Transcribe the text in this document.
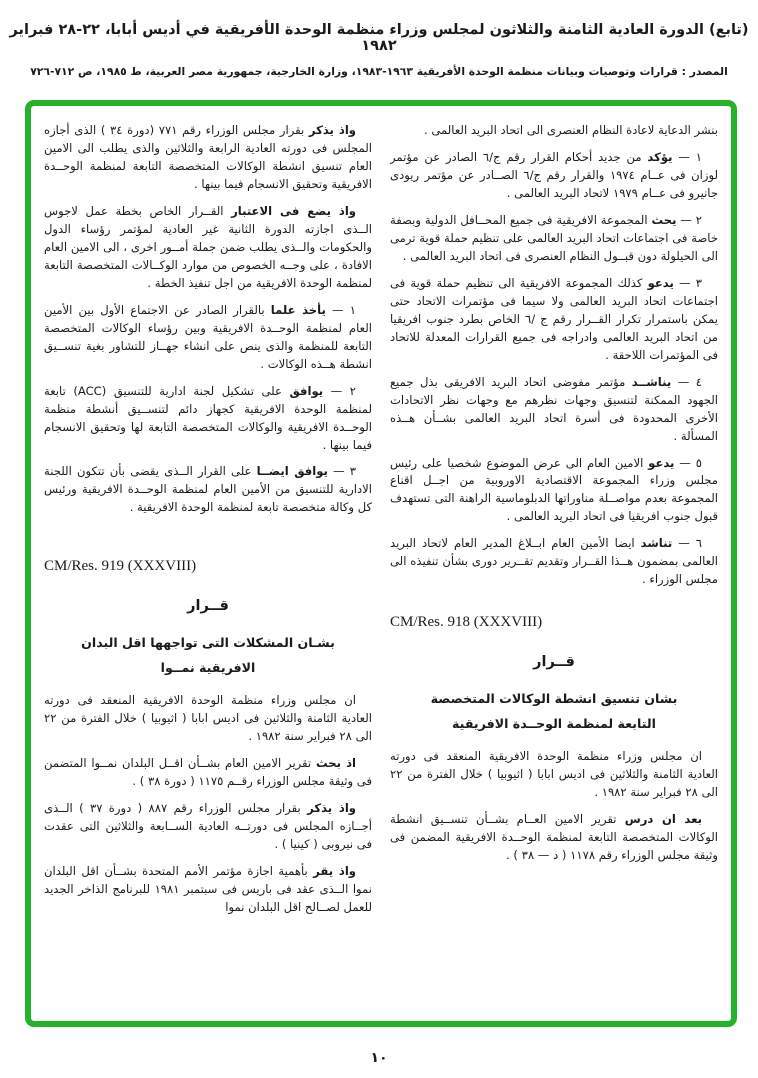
(تابع) الدورة العادية الثامنة والثلاثون لمجلس وزراء منظمة الوحدة الأفريقية في أديس أبابا، ٢٢-٢٨ فبراير ١٩٨٢
المصدر : قرارات وتوصيات وبيانات منظمة الوحدة الأفريقية ١٩٦٣-١٩٨٣، وزارة الخارجية، جمهورية مصر العربية، ط ١٩٨٥، ص ٧١٢-٧٢٦

بنشر الدعاية لاعادة النظام العنصرى الى اتحاد البريد العالمى .

١ — يؤكد من جديد أحكام القرار رقم ج/٦ الصادر عن مؤتمر لوزان فى عــام ١٩٧٤ والقرار رقم ج/٦ الصــادر عن مؤتمر ريودى جانيرو فى عــام ١٩٧٩ لاتحاد البريد العالمى .

٢ — يحث المجموعة الافريقية فى جميع المحــافل الدولية وبصفة خاصة فى اجتماعات اتحاد البريد العالمى على تنظيم حملة قوية ترمى الى الحيلولة دون قبــول النظام العنصرى فى اتحاد البريد العالمى .

٣ — يدعو كذلك المجموعة الافريقية الى تنظيم حملة قوية فى اجتماعات اتحاد البريد العالمى ولا سيما فى مؤتمرات الاتحاد حتى يمكن باستمرار تكرار القــرار رقم ج /٦ الخاص بطرد جنوب افريقيا من اتحاد البريد العالمى وادراجه فى جميع القرارات المعدلة للاتحاد فى المؤتمرات اللاحقة .

٤ — يناشــد مؤتمر مفوضى اتحاد البريد الافريقى بذل جميع الجهود الممكنة لتنسيق وجهات نظرهم مع وجهات نظر الاتحادات الأخرى المحدودة فى أسرة اتحاد البريد العالمى بشــأن هــذه المسألة .

٥ — يدعو الامين العام الى عرض الموضوع شخصيا على رئيس مجلس وزراء المجموعة الاقتصادية الاوروبية من اجــل اقناع المجموعة بعدم مواصــلة مناوراتها الدبلوماسية الراهنة التى تستهدف قبول جنوب افريقيا فى اتحاد البريد العالمى .

٦ — تناشد ايضا الأمين العام ابــلاغ المدير العام لاتحاد البريد العالمى بمضمون هــذا القــرار وتقديم تقــرير دورى بشأن تنفيذه الى مجلس الوزراء .

CM/Res. 918 (XXXVIII)

قــرار

بشان تنسيق انشطة الوكالات المتخصصة
التابعة لمنظمة الوحــدة الافريقية

ان مجلس وزراء منظمة الوحدة الافريقية المنعقد فى دورته العادية الثامنة والثلاثين فى اديس ابابا ( اثيوبيا ) خلال الفترة من ٢٢ الى ٢٨ فبراير سنة ١٩٨٢ .

بعد ان درس تقرير الامين العــام بشــأن تنســيق انشطة الوكالات المتخصصة التابعة لمنظمة الوحــدة الافريقية المضمن فى وثيقة مجلس الوزراء رقم ١١٧٨ ( د — ٣٨ ) .

واذ يذكر بقرار مجلس الوزراء رقم ٧٧١ (دورة ٣٤ ) الذى أجازه المجلس فى دورته العادية الرابعة والثلاثين والذى يطلب الى الامين العام تنسيق انشطة الوكالات المتخصصة التابعة لمنظمة الوحــدة الافريقية وتحقيق الانسجام فيما بينها .

واذ يضع فى الاعتبار القــرار الخاص بخطة عمل لاجوس الــذى اجازته الدورة الثانية غير العادية لمؤتمر رؤساء الدول والحكومات والــذى يطلب ضمن جملة أمــور اخرى ، الى الامين العام الافادة ، على وجــه الخصوص من موارد الوكــالات المتخصصة التابعة لمنظمة الوحدة الافريقية من اجل تنفيذ الخطة .

١ — يأخذ علما بالقرار الصادر عن الاجتماع الأول بين الأمين العام لمنظمة الوحــدة الافريقية وبين رؤساء الوكالات المتخصصة التابعة للمنظمة والذى ينص على انشاء جهــاز للتشاور بغية تنســيق انشطة هــذه الوكالات .

٢ — يوافق على تشكيل لجنة ادارية للتنسيق (ACC) تابعة لمنظمة الوحدة الافريقية كجهاز دائم لتنســيق أنشطة منظمة الوحــدة الافريقية والوكالات المتخصصة التابعة لها وتحقيق الانسجام فيما بينها .

٣ — يوافق ايضــا على القرار الــذى يقضى بأن تتكون اللجنة الادارية للتنسيق من الأمين العام لمنظمة الوحــدة الافريقية ورئيس كل وكالة متخصصة تابعة لمنظمة الوحدة الافريقية .

CM/Res. 919 (XXXVIII)

قــرار

بشـان المشكلات التى تواجهها اقل البدان
الافريقية نمــوا

ان مجلس وزراء منظمة الوحدة الافريقية المنعقد فى دورته العادية الثامنة والثلاثين فى اديس ابابا ( اثيوبيا ) خلال الفترة من ٢٢ الى ٢٨ فبراير سنة ١٩٨٢ .

اذ بحث تقرير الامين العام بشــأن اقــل البلدان نمــوا المتضمن فى وثيقة مجلس الوزراء رقــم ١١٧٥ ( دورة ٣٨ ) .

واذ يذكر بقرار مجلس الوزراء رقم ٨٨٧ ( دورة ٣٧ ) الــذى أجــازه المجلس فى دورتــه العادية الســابعة والثلاثين التى عقدت فى نيروبى ( كينيا ) .

واذ يقر بأهمية اجازة مؤتمر الأمم المتحدة بشــأن اقل البلدان نموا الــذى عقد فى باريس فى سبتمبر ١٩٨١ للبرنامج الذاخر الجديد للعمل لصــالح اقل البلدان نموا

١٠
